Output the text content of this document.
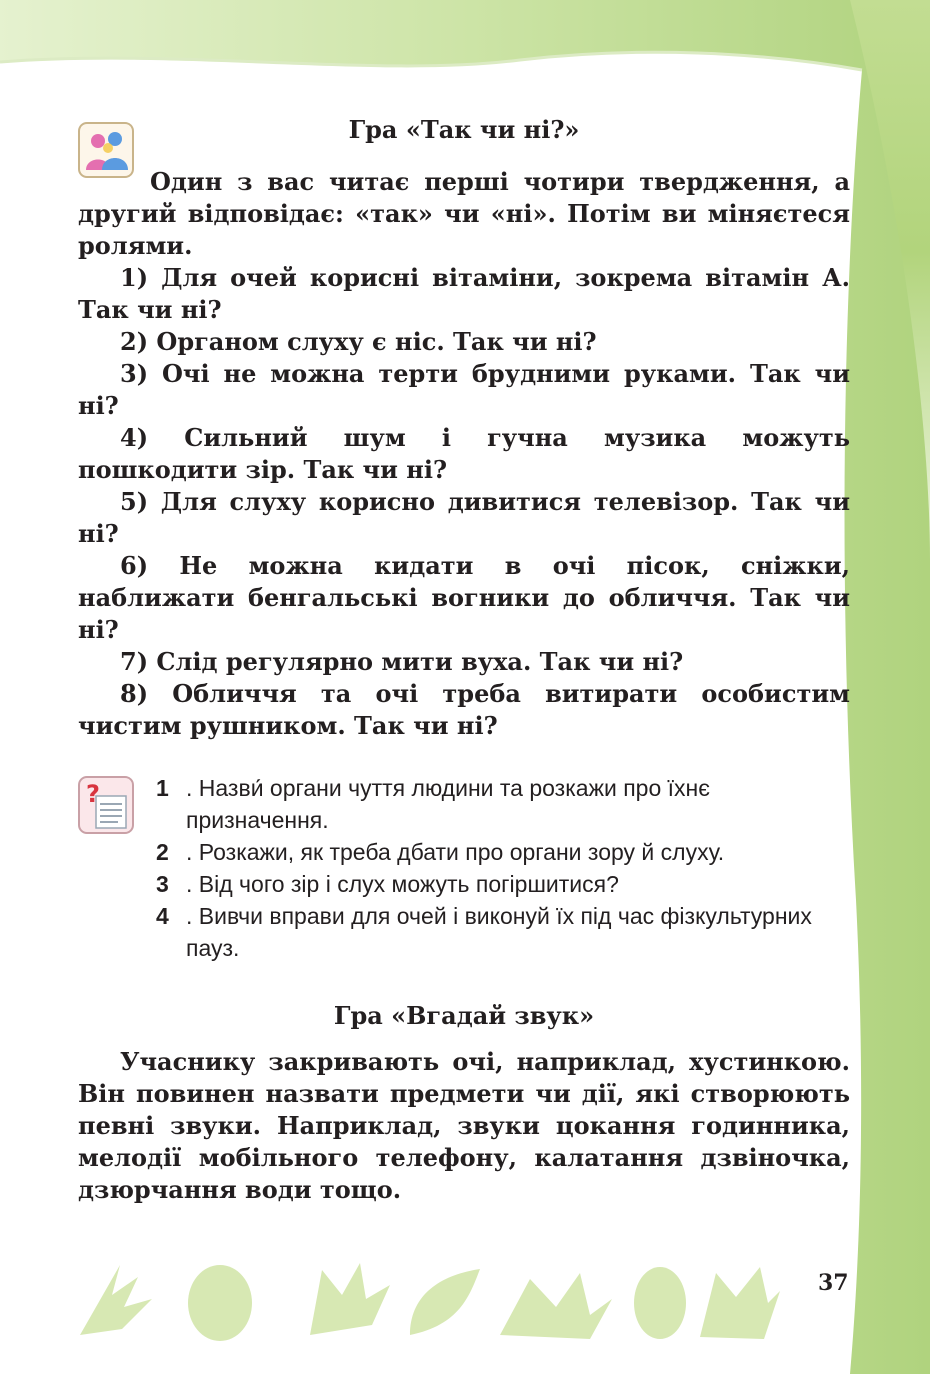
Гра «Так чи ні?»

Один з вас читає перші чотири твердження, а другий відповідає: «так» чи «ні». Потім ви міняєтеся ролями.

1) Для очей корисні вітаміни, зокрема вітамін А. Так чи ні?

2) Органом слуху є ніс. Так чи ні?

3) Очі не можна терти брудними руками. Так чи ні?

4) Сильний шум і гучна музика можуть пошкодити зір. Так чи ні?

5) Для слуху корисно дивитися телевізор. Так чи ні?

6) Не можна кидати в очі пісок, сніжки, наближати бенгальські вогники до обличчя. Так чи ні?

7) Слід регулярно мити вуха. Так чи ні?

8) Обличчя та очі треба витирати особистим чистим рушником. Так чи ні?

? 1 . Назви́ органи чуття людини та розкажи про їхнє призначення.

2 . Розкажи, як треба дбати про органи зору й слуху.

3 . Від чого зір і слух можуть погіршитися?

4 . Вивчи вправи для очей і виконуй їх під час фізкультурних пауз.

Гра «Вгадай звук»

Учаснику закривають очі, наприклад, хустинкою. Він повинен назвати предмети чи дії, які створюють певні звуки. Наприклад, звуки цокання годинника, мелодії мобільного телефону, калатання дзвіночка, дзюрчання води тощо.

37
